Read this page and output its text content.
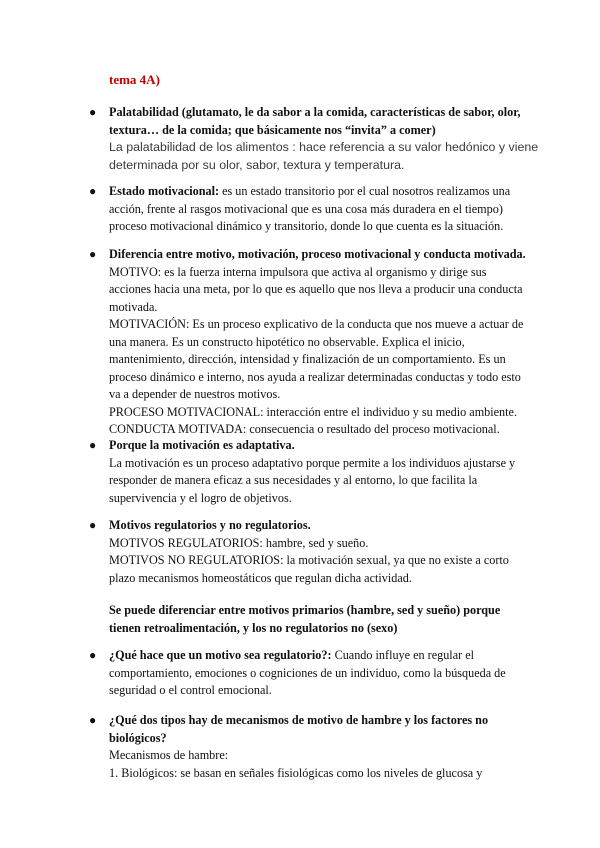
tema 4A)
● Palatabilidad (glutamato, le da sabor a la comida, características de sabor, olor,
textura… de la comida; que básicamente nos “invita” a comer)
La palatabilidad de los alimentos : hace referencia a su valor hedónico y viene
determinada por su olor, sabor, textura y temperatura.
● Estado motivacional: es un estado transitorio por el cual nosotros realizamos una
acción, frente al rasgos motivacional que es una cosa más duradera en el tiempo)
proceso motivacional dinámico y transitorio, donde lo que cuenta es la situación.
● Diferencia entre motivo, motivación, proceso motivacional y conducta motivada.
MOTIVO: es la fuerza interna impulsora que activa al organismo y dirige sus
acciones hacia una meta, por lo que es aquello que nos lleva a producir una conducta
motivada.
MOTIVACIÓN: Es un proceso explicativo de la conducta que nos mueve a actuar de
una manera. Es un constructo hipotético no observable. Explica el inicio,
mantenimiento, dirección, intensidad y finalización de un comportamiento. Es un
proceso dinámico e interno, nos ayuda a realizar determinadas conductas y todo esto
va a depender de nuestros motivos.
PROCESO MOTIVACIONAL: interacción entre el individuo y su medio ambiente.
CONDUCTA MOTIVADA: consecuencia o resultado del proceso motivacional.
● Porque la motivación es adaptativa.
La motivación es un proceso adaptativo porque permite a los individuos ajustarse y
responder de manera eficaz a sus necesidades y al entorno, lo que facilita la
supervivencia y el logro de objetivos.
● Motivos regulatorios y no regulatorios.
MOTIVOS REGULATORIOS: hambre, sed y sueño.
MOTIVOS NO REGULATORIOS: la motivación sexual, ya que no existe a corto
plazo mecanismos homeostáticos que regulan dicha actividad.
Se puede diferenciar entre motivos primarios (hambre, sed y sueño) porque
tienen retroalimentación, y los no regulatorios no (sexo)
● ¿Qué hace que un motivo sea regulatorio?: Cuando influye en regular el
comportamiento, emociones o cogniciones de un individuo, como la búsqueda de
seguridad o el control emocional.
● ¿Qué dos tipos hay de mecanismos de motivo de hambre y los factores no
biológicos?
Mecanismos de hambre:
1. Biológicos: se basan en señales fisiológicas como los niveles de glucosa y
